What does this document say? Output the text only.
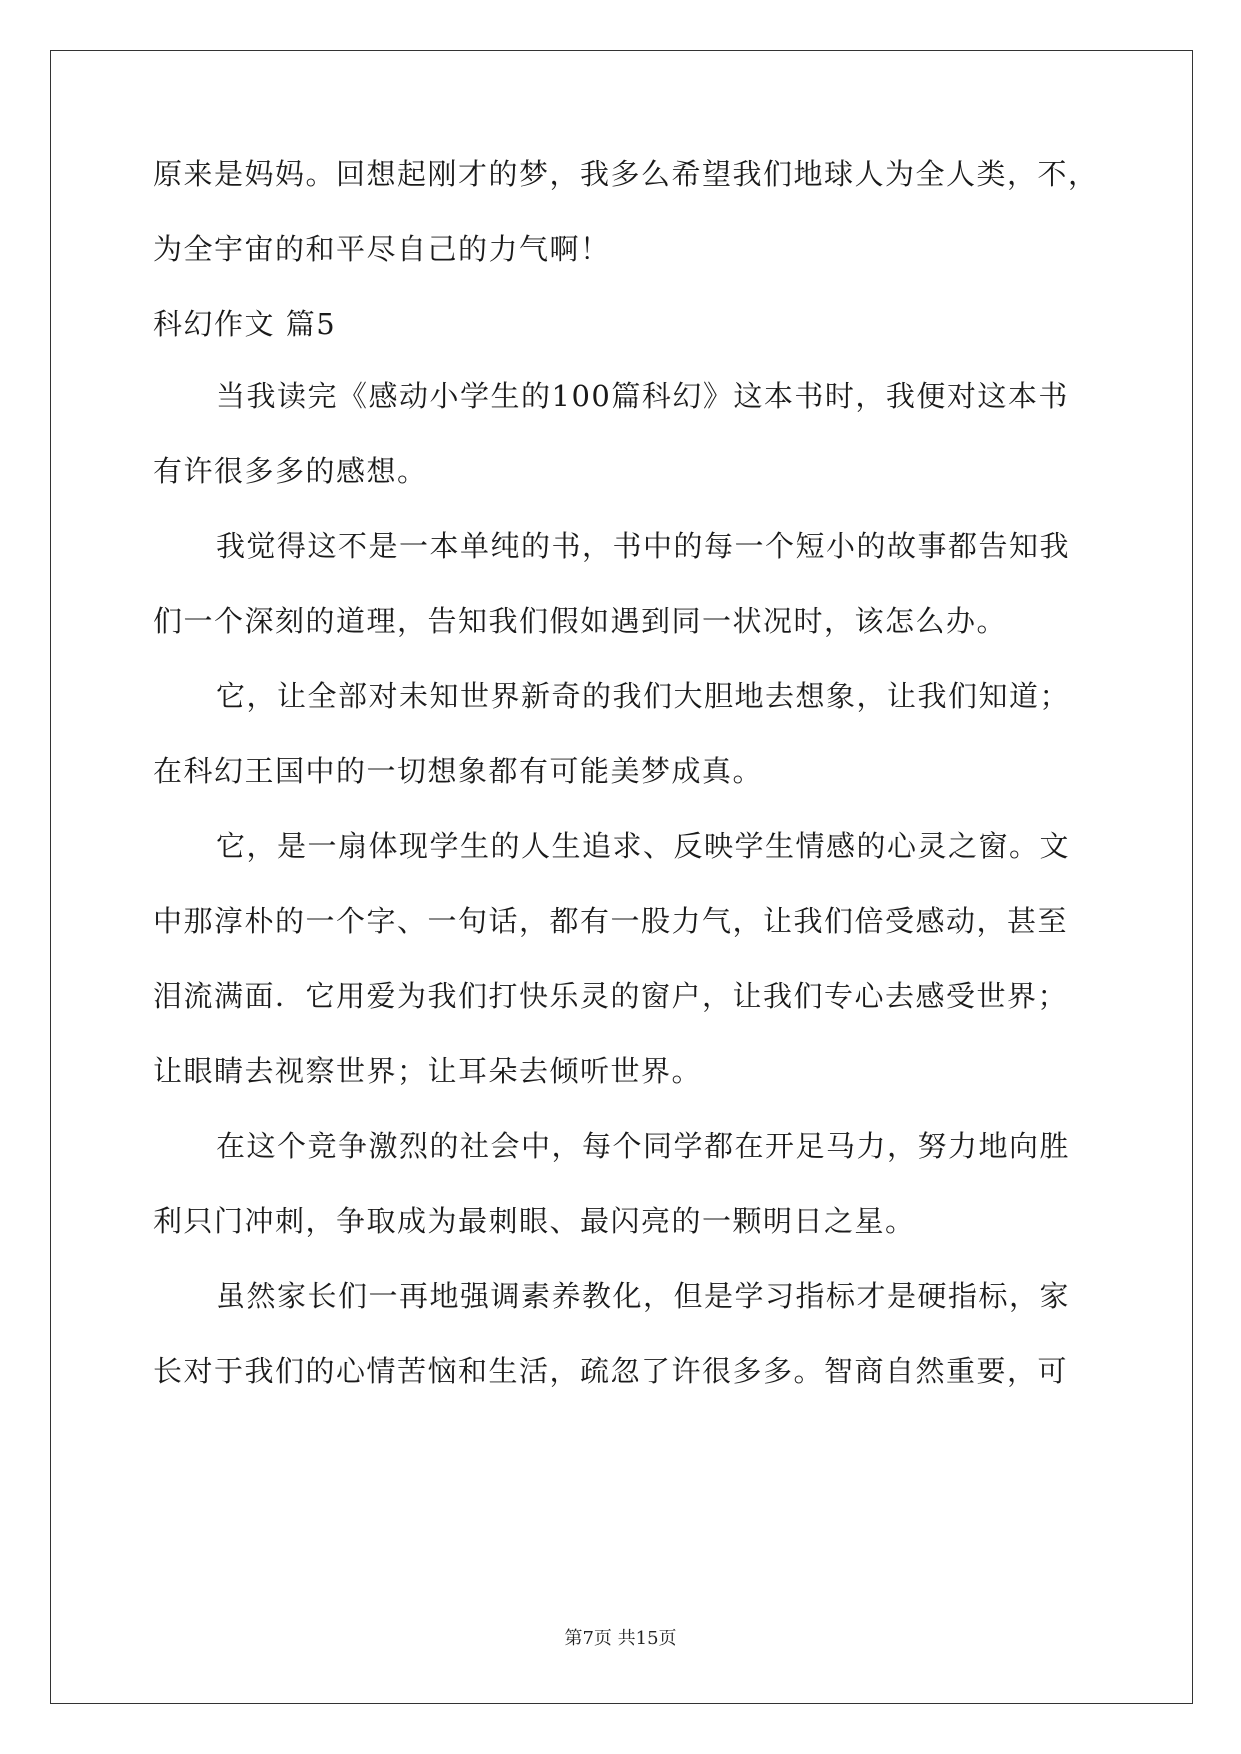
原来是妈妈。回想起刚才的梦，我多么希望我们地球人为全人类，不，
为全宇宙的和平尽自己的力气啊！
科幻作文 篇5
当我读完《感动小学生的100篇科幻》这本书时，我便对这本书
有许很多多的感想。
我觉得这不是一本单纯的书，书中的每一个短小的故事都告知我
们一个深刻的道理，告知我们假如遇到同一状况时，该怎么办。
它，让全部对未知世界新奇的我们大胆地去想象，让我们知道；
在科幻王国中的一切想象都有可能美梦成真。
它，是一扇体现学生的人生追求、反映学生情感的心灵之窗。文
中那淳朴的一个字、一句话，都有一股力气，让我们倍受感动，甚至
泪流满面．它用爱为我们打快乐灵的窗户，让我们专心去感受世界；
让眼睛去视察世界；让耳朵去倾听世界。
在这个竞争激烈的社会中，每个同学都在开足马力，努力地向胜
利只门冲刺，争取成为最刺眼、最闪亮的一颗明日之星。
虽然家长们一再地强调素养教化，但是学习指标才是硬指标，家
长对于我们的心情苦恼和生活，疏忽了许很多多。智商自然重要，可
第7页 共15页
